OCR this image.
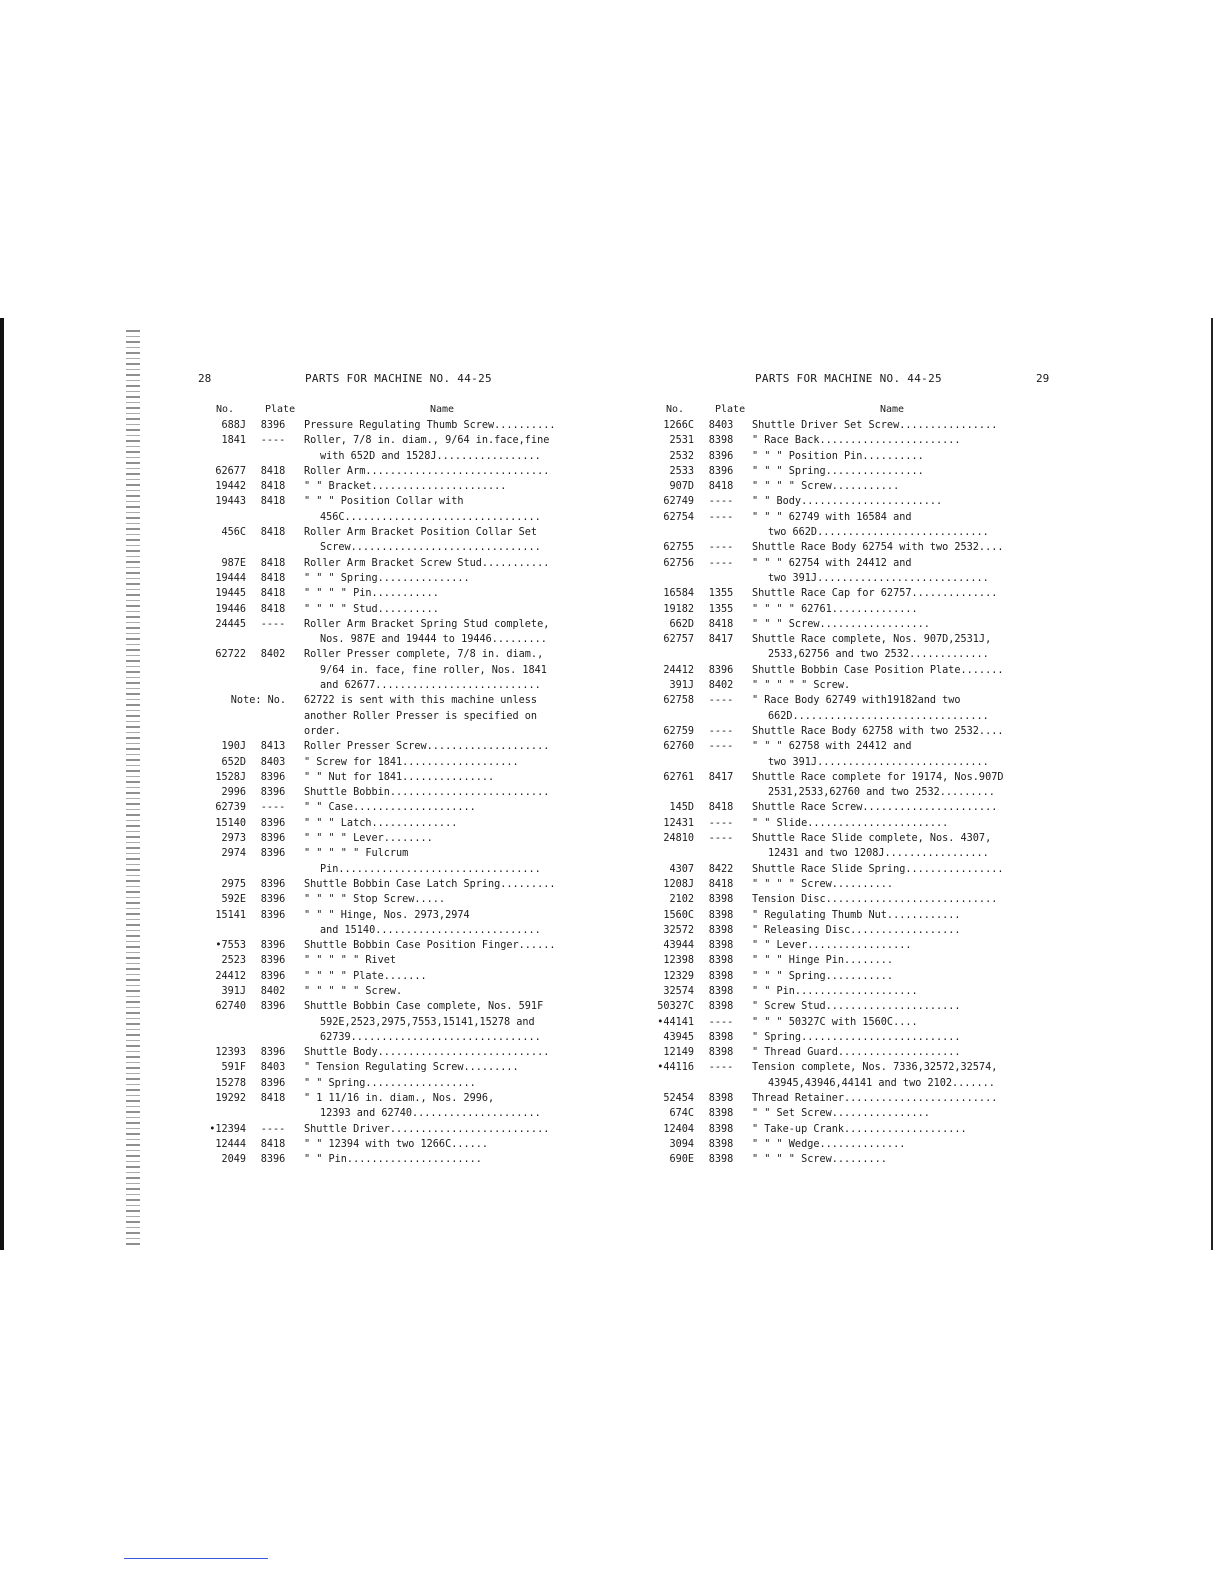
28	PARTS FOR MACHINE NO. 44-25
No.	Plate	Name
688J	8396	Pressure Regulating Thumb Screw..........
1841	----	Roller, 7/8 in. diam., 9/64 in.face,fine
with 652D and 1528J.................
62677	8418	Roller Arm..............................
19442	8418	" " Bracket......................
19443	8418	" " " Position Collar with
456C................................
456C	8418	Roller Arm Bracket Position Collar Set
Screw...............................
987E	8418	Roller Arm Bracket Screw Stud...........
19444	8418	" " " Spring...............
19445	8418	" " " " Pin...........
19446	8418	" " " " Stud..........
24445	----	Roller Arm Bracket Spring Stud complete,
Nos. 987E and 19444 to 19446.........
62722	8402	Roller Presser complete, 7/8 in. diam.,
9/64 in. face, fine roller, Nos. 1841
and 62677...........................
Note: No.	62722 is sent with this machine unless
another Roller Presser is specified on
order.
190J	8413	Roller Presser Screw....................
652D	8403	" Screw for 1841...................
1528J	8396	" " Nut for 1841...............
2996	8396	Shuttle Bobbin..........................
62739	----	" " Case....................
15140	8396	" " " Latch..............
2973	8396	" " " " Lever........
2974	8396	" " " " " Fulcrum
Pin.................................
2975	8396	Shuttle Bobbin Case Latch Spring.........
592E	8396	" " " " Stop Screw.....
15141	8396	" " " Hinge, Nos. 2973,2974
and 15140...........................
•7553	8396	Shuttle Bobbin Case Position Finger......
2523	8396	" " " " " Rivet
24412	8396	" " " " Plate.......
391J	8402	" " " " " Screw.
62740	8396	Shuttle Bobbin Case complete, Nos. 591F
592E,2523,2975,7553,15141,15278 and
62739...............................
12393	8396	Shuttle Body............................
591F	8403	" Tension Regulating Screw.........
15278	8396	" " Spring..................
19292	8418	" 1 11/16 in. diam., Nos. 2996,
12393 and 62740.....................
•12394	----	Shuttle Driver..........................
12444	8418	" " 12394 with two 1266C......
2049	8396	" " Pin......................
PARTS FOR MACHINE NO. 44-25	29
No.	Plate	Name
1266C	8403	Shuttle Driver Set Screw................
2531	8398	" Race Back.......................
2532	8396	" " " Position Pin..........
2533	8396	" " " Spring................
907D	8418	" " " " Screw...........
62749	----	" " Body.......................
62754	----	" " " 62749 with 16584 and
two 662D............................
62755	----	Shuttle Race Body 62754 with two 2532....
62756	----	" " " 62754 with 24412 and
two 391J............................
16584	1355	Shuttle Race Cap for 62757..............
19182	1355	" " " " 62761..............
662D	8418	" " " Screw..................
62757	8417	Shuttle Race complete, Nos. 907D,2531J,
2533,62756 and two 2532.............
24412	8396	Shuttle Bobbin Case Position Plate.......
391J	8402	" " " " " Screw.
62758	----	" Race Body 62749 with19182and two
662D................................
62759	----	Shuttle Race Body 62758 with two 2532....
62760	----	" " " 62758 with 24412 and
two 391J............................
62761	8417	Shuttle Race complete for 19174, Nos.907D
2531,2533,62760 and two 2532.........
145D	8418	Shuttle Race Screw......................
12431	----	" " Slide.......................
24810	----	Shuttle Race Slide complete, Nos. 4307,
12431 and two 1208J.................
4307	8422	Shuttle Race Slide Spring................
1208J	8418	" " " " Screw..........
2102	8398	Tension Disc............................
1560C	8398	" Regulating Thumb Nut............
32572	8398	" Releasing Disc..................
43944	8398	" " Lever.................
12398	8398	" " " Hinge Pin........
12329	8398	" " " Spring...........
32574	8398	" " Pin....................
50327C	8398	" Screw Stud......................
•44141	----	" " " 50327C with 1560C....
43945	8398	" Spring..........................
12149	8398	" Thread Guard....................
•44116	----	Tension complete, Nos. 7336,32572,32574,
43945,43946,44141 and two 2102.......
52454	8398	Thread Retainer.........................
674C	8398	" " Set Screw................
12404	8398	" Take-up Crank....................
3094	8398	" " " Wedge..............
690E	8398	" " " " Screw.........
